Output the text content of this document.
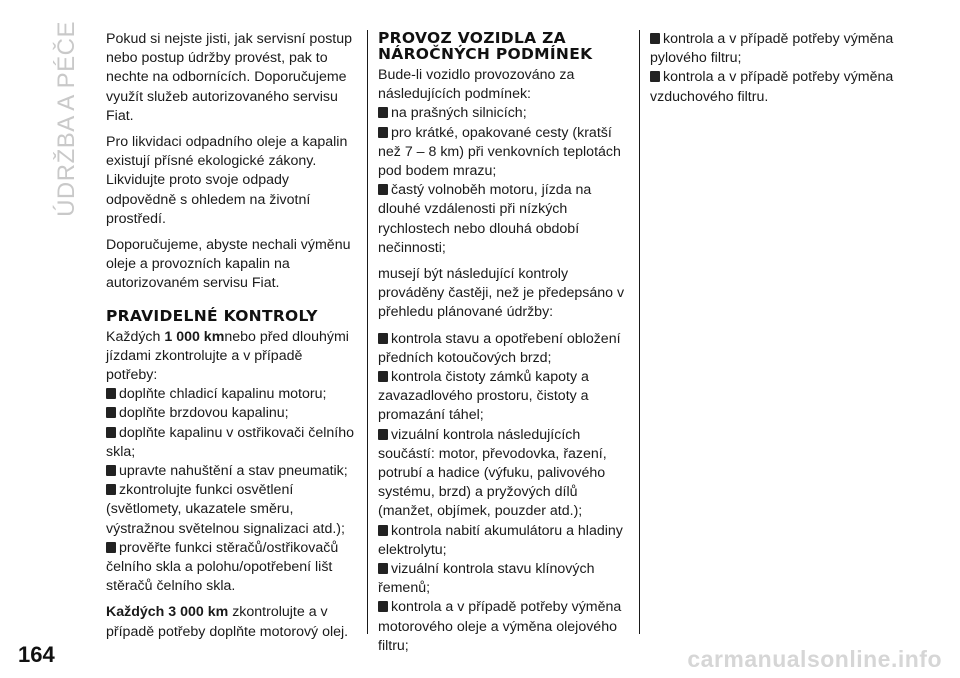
ÚDRŽBA A PÉČE Pokud si nejste jisti, jak servisní postup nebo postup údržby provést, pak to nechte na odbornících. Doporučujeme využít služeb autorizovaného servisu Fiat.

Pro likvidaci odpadního oleje a kapalin existují přísné ekologické zákony. Likvidujte proto svoje odpady odpovědně s ohledem na životní prostředí.

Doporučujeme, abyste nechali výměnu oleje a provozních kapalin na autorizovaném servisu Fiat.

PRAVIDELNÉ KONTROLY
Každých 1 000 kmnebo před dlouhými jízdami zkontrolujte a v případě potřeby:
doplňte chladicí kapalinu motoru;
doplňte brzdovou kapalinu;
doplňte kapalinu v ostřikovači čelního skla;
upravte nahuštění a stav pneumatik;
zkontrolujte funkci osvětlení (světlomety, ukazatele směru, výstražnou světelnou signalizaci atd.);
prověřte funkci stěračů/ostřikovačů čelního skla a polohu/opotřebení lišt stěračů čelního skla.

Každých 3 000 km zkontrolujte a v případě potřeby doplňte motorový olej.

PROVOZ VOZIDLA ZA NÁROČNÝCH PODMÍNEK
Bude-li vozidlo provozováno za následujících podmínek:
na prašných silnicích;
pro krátké, opakované cesty (kratší než 7 – 8 km) při venkovních teplotách pod bodem mrazu;
častý volnoběh motoru, jízda na dlouhé vzdálenosti při nízkých rychlostech nebo dlouhá období nečinnosti;

musejí být následující kontroly prováděny častěji, než je předepsáno v přehledu plánované údržby:

kontrola stavu a opotřebení obložení předních kotoučových brzd;
kontrola čistoty zámků kapoty a zavazadlového prostoru, čistoty a promazání táhel;
vizuální kontrola následujících součástí: motor, převodovka, řazení, potrubí a hadice (výfuku, palivového systému, brzd) a pryžových dílů (manžet, objímek, pouzder atd.);
kontrola nabití akumulátoru a hladiny elektrolytu;
vizuální kontrola stavu klínových řemenů;
kontrola a v případě potřeby výměna motorového oleje a výměna olejového filtru;
kontrola a v případě potřeby výměna pylového filtru;
kontrola a v případě potřeby výměna vzduchového filtru.
164	carmanualsonline.info
